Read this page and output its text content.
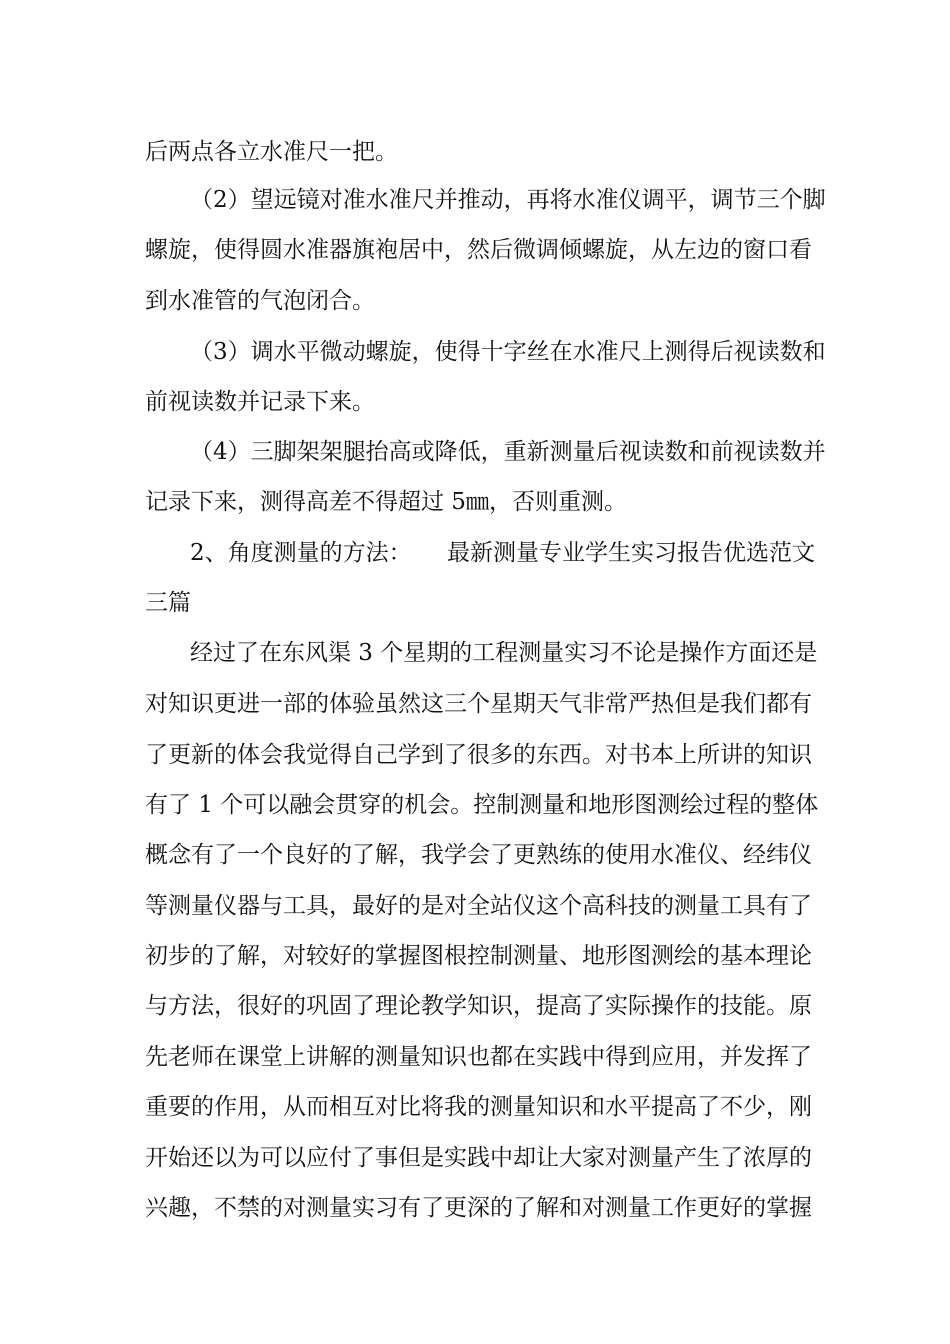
后两点各立水准尺一把。
（2）望远镜对准水准尺并推动，再将水准仪调平，调节三个脚
螺旋，使得圆水准器旗袍居中，然后微调倾螺旋，从左边的窗口看
到水准管的气泡闭合。
（3）调水平微动螺旋，使得十字丝在水准尺上测得后视读数和
前视读数并记录下来。
（4）三脚架架腿抬高或降低，重新测量后视读数和前视读数并
记录下来，测得高差不得超过 5㎜，否则重测。
2、角度测量的方法：	最新测量专业学生实习报告优选范文
三篇
经过了在东风渠 3 个星期的工程测量实习不论是操作方面还是
对知识更进一部的体验虽然这三个星期天气非常严热但是我们都有
了更新的体会我觉得自己学到了很多的东西。对书本上所讲的知识
有了 1 个可以融会贯穿的机会。控制测量和地形图测绘过程的整体
概念有了一个良好的了解，我学会了更熟练的使用水准仪、经纬仪
等测量仪器与工具，最好的是对全站仪这个高科技的测量工具有了
初步的了解，对较好的掌握图根控制测量、地形图测绘的基本理论
与方法，很好的巩固了理论教学知识，提高了实际操作的技能。原
先老师在课堂上讲解的测量知识也都在实践中得到应用，并发挥了
重要的作用，从而相互对比将我的测量知识和水平提高了不少，刚
开始还以为可以应付了事但是实践中却让大家对测量产生了浓厚的
兴趣，不禁的对测量实习有了更深的了解和对测量工作更好的掌握
